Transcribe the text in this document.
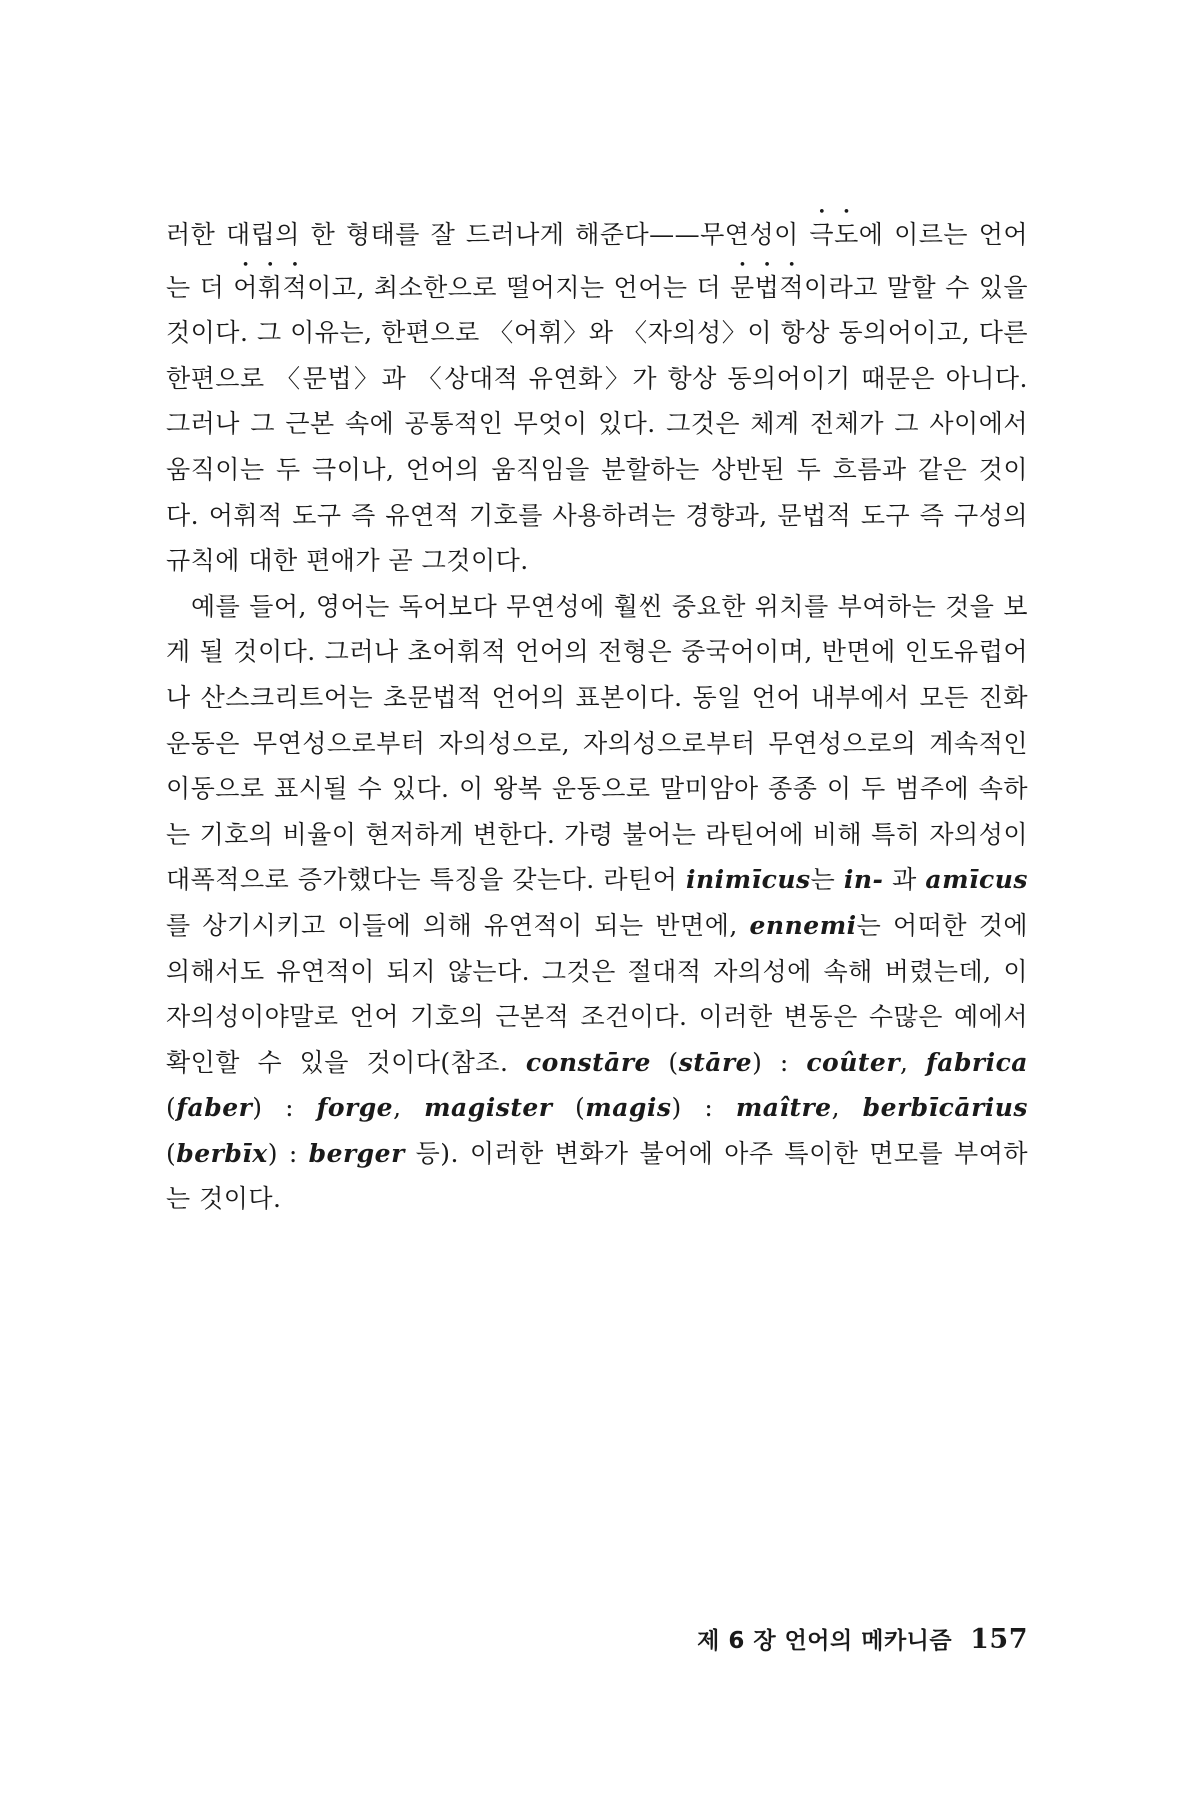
러한 대립의 한 형태를 잘 드러나게 해준다——무연성이 극도에 이르는 언어는 더 어휘적이고, 최소한으로 떨어지는 언어는 더 문법적이라고 말할 수 있을 것이다. 그 이유는, 한편으로 〈어휘〉와 〈자의성〉이 항상 동의어이고, 다른 한편으로 〈문법〉과 〈상대적 유연화〉가 항상 동의어이기 때문은 아니다. 그러나 그 근본 속에 공통적인 무엇이 있다. 그것은 체계 전체가 그 사이에서 움직이는 두 극이나, 언어의 움직임을 분할하는 상반된 두 흐름과 같은 것이다. 어휘적 도구 즉 유연적 기호를 사용하려는 경향과, 문법적 도구 즉 구성의 규칙에 대한 편애가 곧 그것이다.

예를 들어, 영어는 독어보다 무연성에 훨씬 중요한 위치를 부여하는 것을 보게 될 것이다. 그러나 초어휘적 언어의 전형은 중국어이며, 반면에 인도유럽어나 산스크리트어는 초문법적 언어의 표본이다. 동일 언어 내부에서 모든 진화 운동은 무연성으로부터 자의성으로, 자의성으로부터 무연성으로의 계속적인 이동으로 표시될 수 있다. 이 왕복 운동으로 말미암아 종종 이 두 범주에 속하는 기호의 비율이 현저하게 변한다. 가령 불어는 라틴어에 비해 특히 자의성이 대폭적으로 증가했다는 특징을 갖는다. 라틴어 inimīcus는 in- 과 amīcus를 상기시키고 이들에 의해 유연적이 되는 반면에, ennemi는 어떠한 것에 의해서도 유연적이 되지 않는다. 그것은 절대적 자의성에 속해 버렸는데, 이 자의성이야말로 언어 기호의 근본적 조건이다. 이러한 변동은 수많은 예에서 확인할 수 있을 것이다(참조. constāre (stāre) : coûter, fabrica (faber) : forge, magister (magis) : maître, berbīcārius (berbīx) : berger 등). 이러한 변화가 불어에 아주 특이한 면모를 부여하는 것이다.

제 6 장 언어의 메카니즘 157
